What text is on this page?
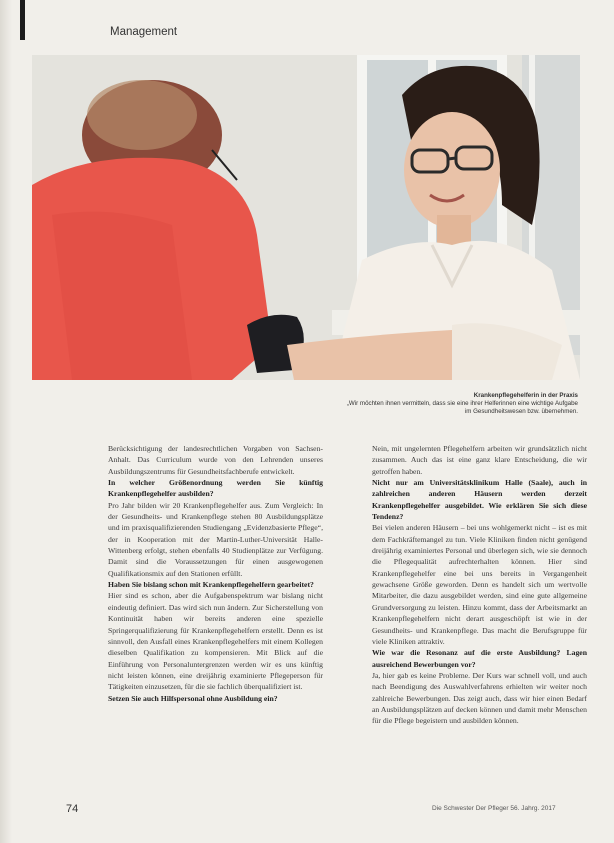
Management
Krankenpflegehelferin in der Praxis
„Wir möchten ihnen vermitteln, dass sie eine ihrer Helferinnen eine wichtige Aufgabe im Gesundheitswesen bzw. übernehmen.

Berücksichtigung der landesrechtlichen Vorgaben von Sachsen-Anhalt. Das Curriculum wurde von den Lehrenden unseres Ausbildungszentrums für Gesundheitsfachberufe entwickelt.

In welcher Größenordnung werden Sie künftig Krankenpflegehelfer ausbilden?

Pro Jahr bilden wir 20 Krankenpflegehelfer aus. Zum Vergleich: In der Gesundheits- und Krankenpflege stehen 80 Ausbildungsplätze und im praxisqualifizierenden Studiengang „Evidenzbasierte Pflege“, der in Kooperation mit der Martin-Luther-Universität Halle-Wittenberg erfolgt, stehen ebenfalls 40 Studienplätze zur Verfügung. Damit sind die Voraussetzungen für einen ausgewogenen Qualifikationsmix auf den Stationen erfüllt.

Haben Sie bislang schon mit Krankenpflegehelfern gearbeitet?

Hier sind es schon, aber die Aufgabenspektrum war bislang nicht eindeutig definiert. Das wird sich nun ändern. Zur Sicherstellung von Kontinuität haben wir bereits anderen eine spezielle Springerqualifizierung für Krankenpflegehelfern erstellt. Denn es ist sinnvoll, den Ausfall eines Krankenpflegehelfers mit einem Kollegen dieselben Qualifikation zu kompensieren. Mit Blick auf die Einführung von Personaluntergrenzen werden wir es uns künftig nicht leisten können, eine dreijährig examinierte Pflegeperson für Tätigkeiten einzusetzen, für die sie fachlich überqualifiziert ist.

Setzen Sie auch Hilfspersonal ohne Ausbildung ein?

Nein, mit ungelernten Pflegehelfern arbeiten wir grundsätzlich nicht zusammen. Auch das ist eine ganz klare Entscheidung, die wir getroffen haben.

Nicht nur am Universitätsklinikum Halle (Saale), auch in zahlreichen anderen Häusern werden derzeit Krankenpflegehelfer ausgebildet. Wie erklären Sie sich diese Tendenz?

Bei vielen anderen Häusern – bei uns wohlgemerkt nicht – ist es mit dem Fachkräftemangel zu tun. Viele Kliniken finden nicht genügend dreijährig examiniertes Personal und überlegen sich, wie sie dennoch die Pflegequalität aufrechterhalten können. Hier sind Krankenpflegehelfer eine bei uns bereits in Vergangenheit gewachsene Größe geworden. Denn es handelt sich um wertvolle Mitarbeiter, die dazu ausgebildet werden, sind eine gute allgemeine Grundversorgung zu leisten. Hinzu kommt, dass der Arbeitsmarkt an Krankenpflegehelfern nicht derart ausgeschöpft ist wie in der Gesundheits- und Krankenpflege. Das macht die Berufsgruppe für viele Kliniken attraktiv.

Wie war die Resonanz auf die erste Ausbildung? Lagen ausreichend Bewerbungen vor?

Ja, hier gab es keine Probleme. Der Kurs war schnell voll, und auch nach Beendigung des Auswahlverfahrens erhielten wir weiter noch zahlreiche Bewerbungen. Das zeigt auch, dass wir hier einen Bedarf an Ausbildungsplätzen auf decken können und damit mehr Menschen für die Pflege begeistern und ausbilden können.

74	Die Schwester Der Pfleger 56. Jahrg. 2017
